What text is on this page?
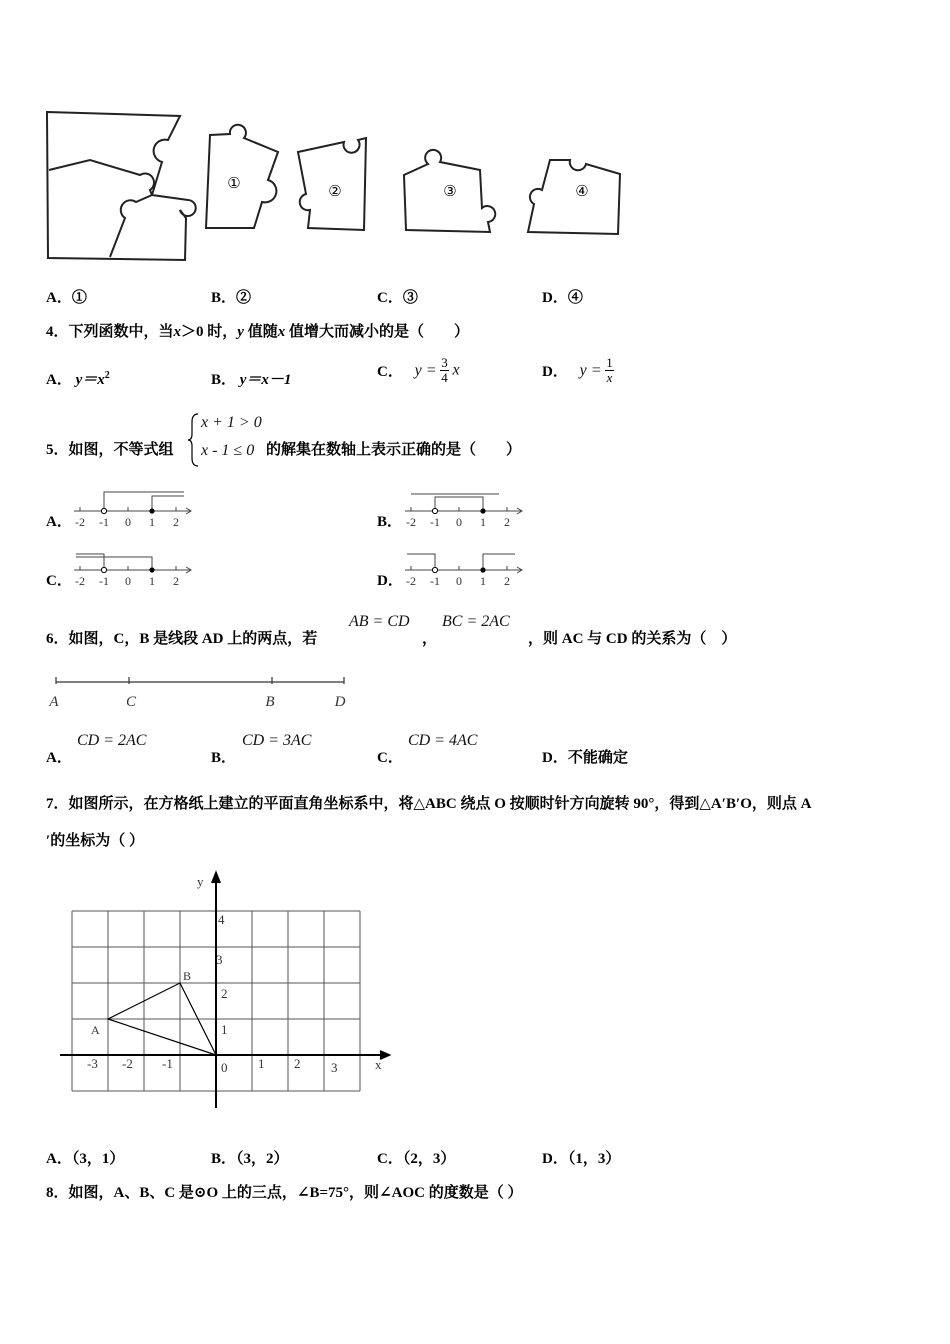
①	②	③	④
A．①	B．②	C．③	D．④
4．下列函数中，当x＞0 时，y 值随x 值增大而减小的是（　　）
A． $y=x^2$	B． y＝x－1	C． $y = \frac{3}{4}$ x	D． $y = \frac{1}{x}$
5．如图，不等式组
x + 1 > 0
x - 1 ≤ 0 的解集在数轴上表示正确的是（　　）
A． -2 -1 0 1 2	B． -2 -1 0 1 2
C． -2 -1 0 1 2	D． -2 -1 0 1 2
6．如图，C，B 是线段 AD 上的两点，若
AB = CD
，
BC = 2AC
，则 AC 与 CD 的关系为（　）
A	C	B	D
A．
CD = 2AC
B．
CD = 3AC
C．
CD = 4AC
D．不能确定
7．如图所示，在方格纸上建立的平面直角坐标系中，将△ABC 绕点 O 按顺时针方向旋转 90°，得到△A′B′O，则点 A
′的坐标为（ ）
y
x
-3 -2 -1	0 1 2 3
1
2
3
4
A
B
A．（3，1）	B．（3，2）	C．（2，3）	D．（1，3）
8．如图，A、B、C 是⊙O 上的三点，∠B=75°，则∠AOC 的度数是（ ）
